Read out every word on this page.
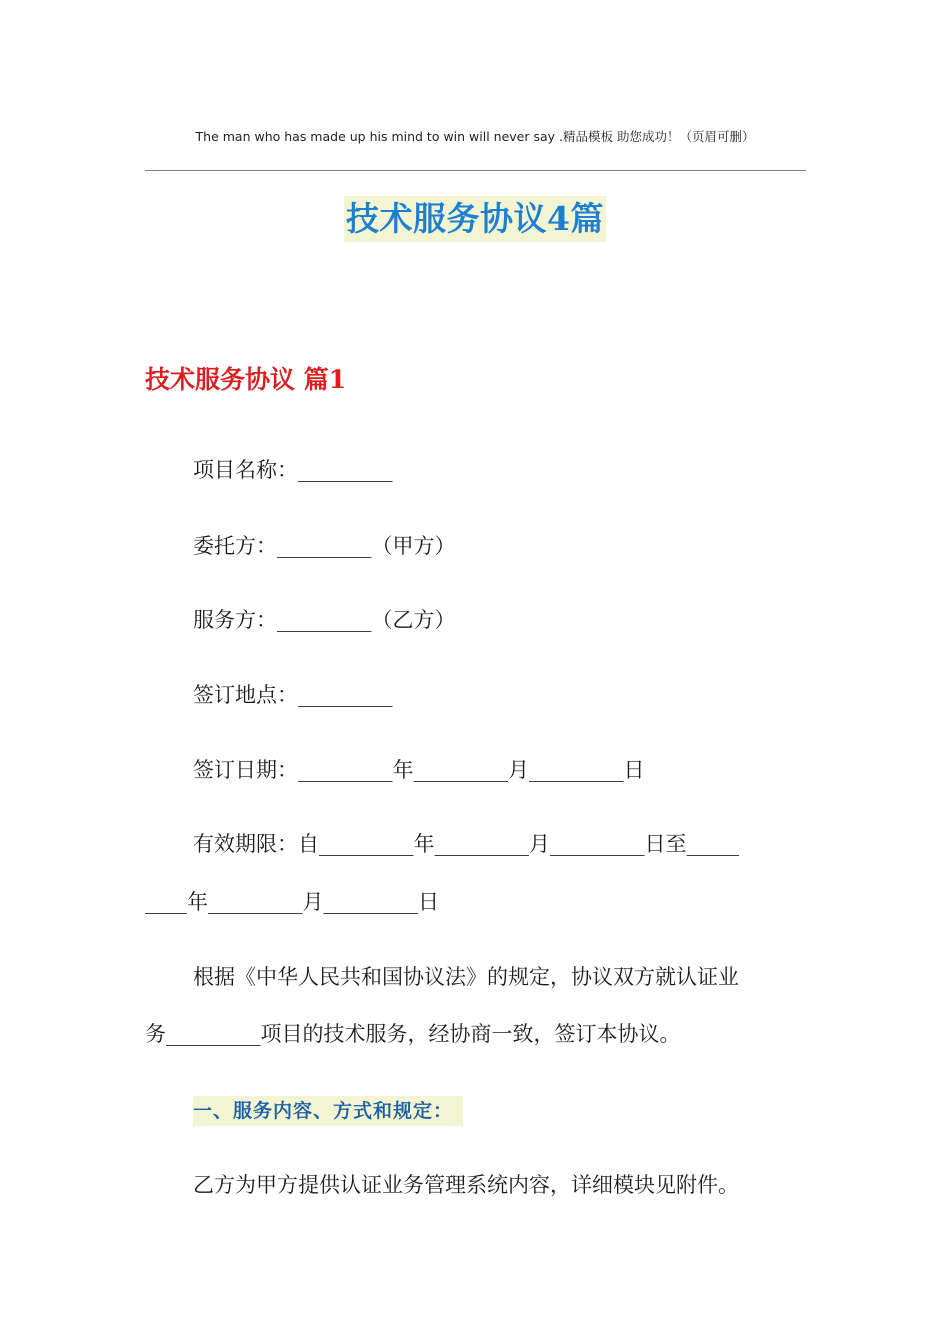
The man who has made up his mind to win will never say .精品模板 助您成功！（页眉可删）
技术服务协议4篇
技术服务协议 篇1
项目名称：_________
委托方：_________（甲方）
服务方：_________（乙方）
签订地点：_________
签订日期：_________年_________月_________日
有效期限：自_________年_________月_________日至_____
____年_________月_________日
根据《中华人民共和国协议法》的规定，协议双方就认证业
务_________项目的技术服务，经协商一致，签订本协议。
一、服务内容、方式和规定：
乙方为甲方提供认证业务管理系统内容，详细模块见附件。
